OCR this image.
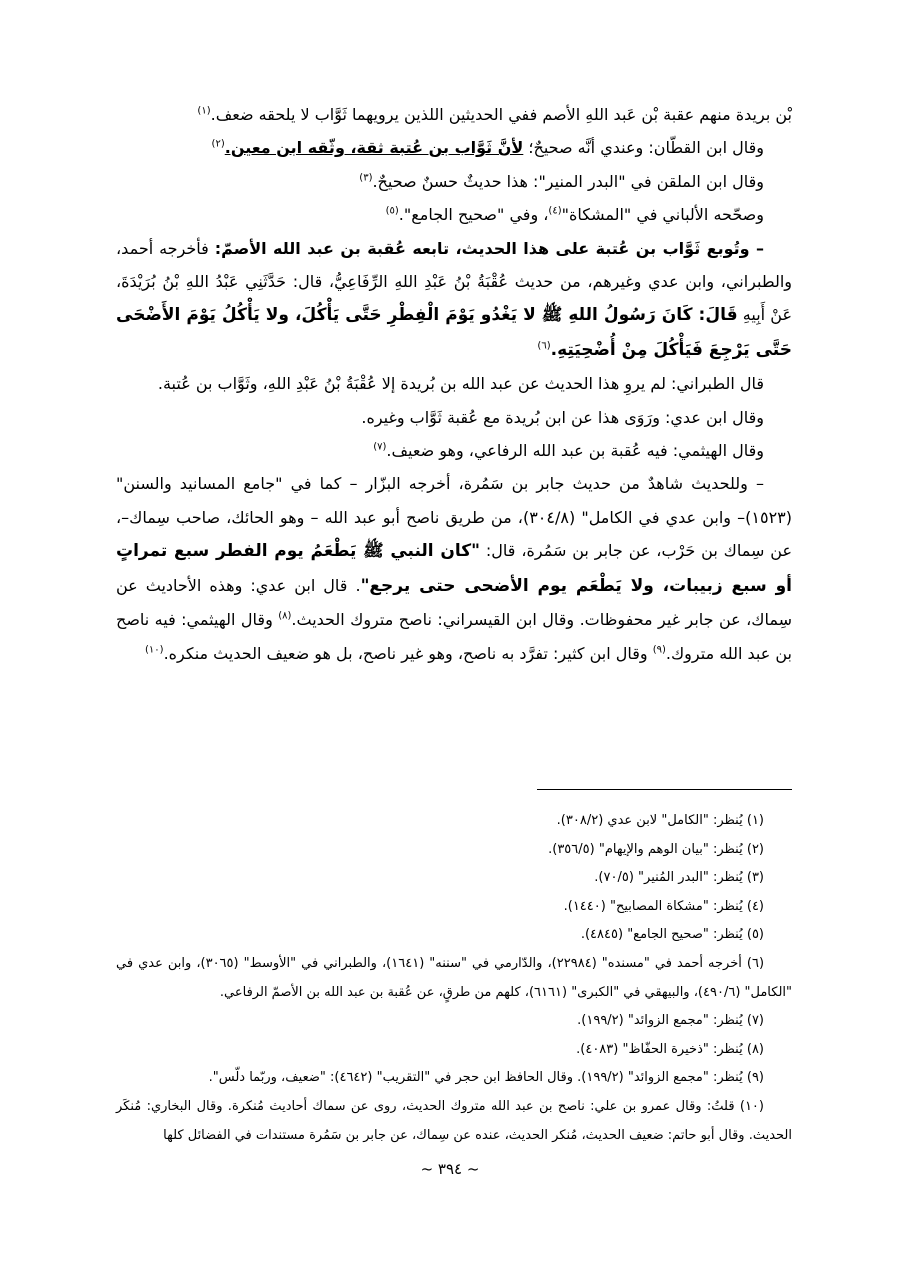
بْن بريدة منهم عقبة بْن عَبد اللهِ الأصم ففي الحديثين اللذين يرويهما ثَوَّاب لا يلحقه ضعف.$^{(١)}$

وقال ابن القطّان: وعندي أنَّه صحيحٌ؛ لأنَّ ثَوَّاب بن عُتبة ثقة، وثّقه ابن معين.$^{(٢)}$

وقال ابن الملقن في "البدر المنير": هذا حديثٌ حسنٌ صحيحٌ.$^{(٣)}$

وصحّحه الألباني في "المشكاة"$^{(٤)}$، وفي "صحيح الجامع".$^{(٥)}$

– وتُوبع ثَوَّاب بن عُتبة على هذا الحديث، تابعه عُقبة بن عبد الله الأصمّ: فأخرجه أحمد، والطبراني، وابن عدي وغيرهم، من حديث عُقْبَةُ بْنُ عَبْدِ اللهِ الرِّفَاعِيُّ، قال: حَدَّثَنِي عَبْدُ اللهِ بْنُ بُرَيْدَةَ، عَنْ أَبِيهِ قَالَ: كَانَ رَسُولُ اللهِ ﷺ لا يَغْدُو يَوْمَ الْفِطْرِ حَتَّى يَأْكُلَ، ولا يَأْكُلُ يَوْمَ الأَضْحَى حَتَّى يَرْجِعَ فَيَأْكُلَ مِنْ أُضْحِيَتِهِ.$^{(٦)}$

قال الطبراني: لم يروِ هذا الحديث عن عبد الله بن بُريدة إلا عُقْبَةُ بْنُ عَبْدِ اللهِ، وثَوَّاب بن عُتبة.

وقال ابن عدي: ورَوَى هذا عن ابن بُريدة مع عُقبة ثَوَّاب وغيره.

وقال الهيثمي: فيه عُقبة بن عبد الله الرفاعي، وهو ضعيف.$^{(٧)}$

– وللحديث شاهدٌ من حديث جابر بن سَمُرة، أخرجه البزّار – كما في "جامع المسانيد والسنن" (١٥٢٣)– وابن عدي في الكامل" (٣٠٤/٨)، من طريق ناصح أبو عبد الله – وهو الحائك، صاحب سِماك–، عن سِماك بن حَرْب، عن جابر بن سَمُرة، قال: "كان النبي ﷺ يَطْعَمُ يوم الفطر سبع تمراتٍ أو سبع زبيبات، ولا يَطْعَم يوم الأضحى حتى يرجع". قال ابن عدي: وهذه الأحاديث عن سِماك، عن جابر غير محفوظات. وقال ابن القيسراني: ناصح متروك الحديث.$^{(٨)}$ وقال الهيثمي: فيه ناصح بن عبد الله متروك.$^{(٩)}$ وقال ابن كثير: تفرَّد به ناصح، وهو غير ناصح، بل هو ضعيف الحديث منكره.$^{(١٠)}$

(١) يُنظر: "الكامل" لابن عدي (٣٠٨/٢).

(٢) يُنظر: "بيان الوهم والإيهام" (٣٥٦/٥).

(٣) يُنظر: "البدر المُنير" (٧٠/٥).

(٤) يُنظر: "مشكاة المصابيح" (١٤٤٠).

(٥) يُنظر: "صحيح الجامع" (٤٨٤٥).

(٦) أخرجه أحمد في "مسنده" (٢٢٩٨٤)، والدّارمي في "سننه" (١٦٤١)، والطبراني في "الأوسط" (٣٠٦٥)، وابن عدي في "الكامل" (٤٩٠/٦)، والبيهقي في "الكبرى" (٦١٦١)، كلهم من طرقٍ، عن عُقبة بن عبد الله بن الأصمّ الرفاعي.

(٧) يُنظر: "مجمع الزوائد" (١٩٩/٢).

(٨) يُنظر: "ذخيرة الحفّاظ" (٤٠٨٣).

(٩) يُنظر: "مجمع الزوائد" (١٩٩/٢). وقال الحافظ ابن حجر في "التقريب" (٤٦٤٢): "ضعيف، وربّما دلّس".

(١٠) قلتُ: وقال عمرو بن علي: ناصح بن عبد الله متروك الحديث، روى عن سماك أحاديث مُنكرة. وقال البخاري: مُنكَر الحديث. وقال أبو حاتم: ضعيف الحديث، مُنكر الحديث، عنده عن سِماك، عن جابر بن سَمُرة مستندات في الفضائل كلها

~ ٣٩٤ ~
